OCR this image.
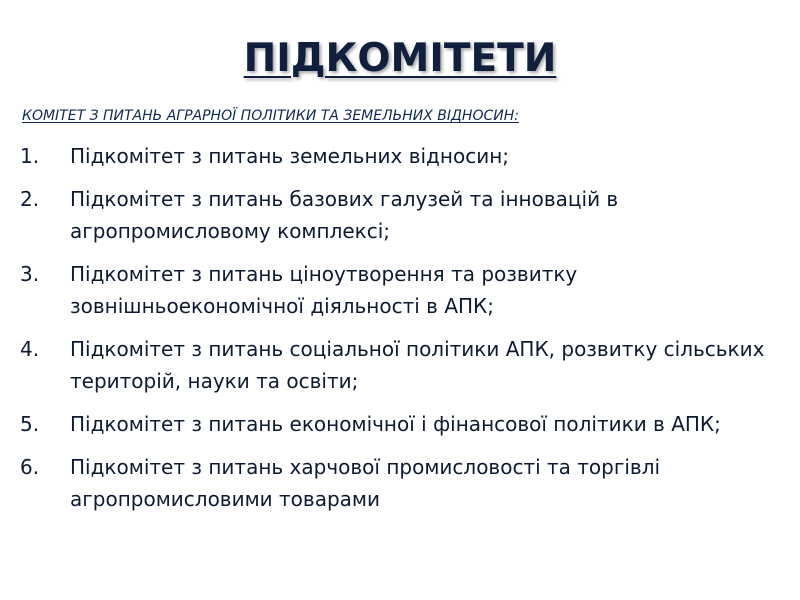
ПІДКОМІТЕТИ

КОМІТЕТ З ПИТАНЬ АГРАРНОЇ ПОЛІТИКИ ТА ЗЕМЕЛЬНИХ ВІДНОСИН:

1.	Підкомітет з питань земельних відносин;
2.	Підкомітет з питань базових галузей та інновацій в агропромисловому комплексі;
3.	Підкомітет з питань ціноутворення та розвитку зовнішньоекономічної діяльності в АПК;
4.	Підкомітет з питань соціальної політики АПК, розвитку сільських територій, науки та освіти;
5.	Підкомітет з питань економічної і фінансової політики в АПК;
6.	Підкомітет з питань харчової промисловості та торгівлі агропромисловими товарами
